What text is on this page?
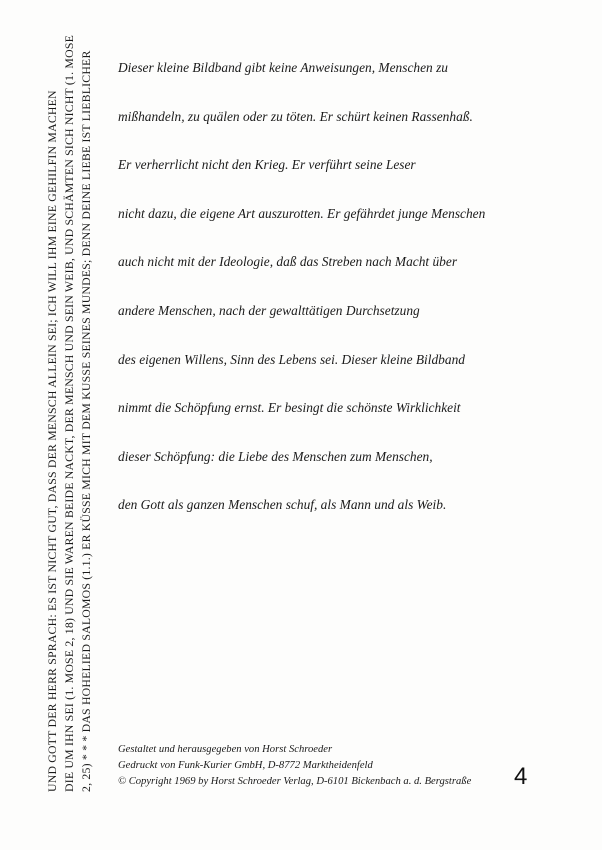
UND GOTT DER HERR SPRACH: ES IST NICHT GUT, DASS DER MENSCH ALLEIN SEI; ICH WILL IHM EINE GEHILFIN MACHEN DIE UM IHN SEI (1. MOSE 2, 18) UND SIE WAREN BEIDE NACKT, DER MENSCH UND SEIN WEIB, UND SCHÄMTEN SICH NICHT (1. MOSE 2, 25) * * * DAS HOHELIED SALOMOS (1.1.) ER KÜSSE MICH MIT DEM KUSSE SEINES MUNDES; DENN DEINE LIEBE IST LIEBLICHER Dieser kleine Bildband gibt keine Anweisungen, Menschen zu
mißhandeln, zu quälen oder zu töten. Er schürt keinen Rassenhaß.
Er verherrlicht nicht den Krieg. Er verführt seine Leser
nicht dazu, die eigene Art auszurotten. Er gefährdet junge Menschen
auch nicht mit der Ideologie, daß das Streben nach Macht über
andere Menschen, nach der gewalttätigen Durchsetzung
des eigenen Willens, Sinn des Lebens sei. Dieser kleine Bildband
nimmt die Schöpfung ernst. Er besingt die schönste Wirklichkeit
dieser Schöpfung: die Liebe des Menschen zum Menschen,
den Gott als ganzen Menschen schuf, als Mann und als Weib.
Gestaltet und herausgegeben von Horst Schroeder
Gedruckt von Funk-Kurier GmbH, D-8772 Marktheidenfeld
© Copyright 1969 by Horst Schroeder Verlag, D-6101 Bickenbach a. d. Bergstraße 4
